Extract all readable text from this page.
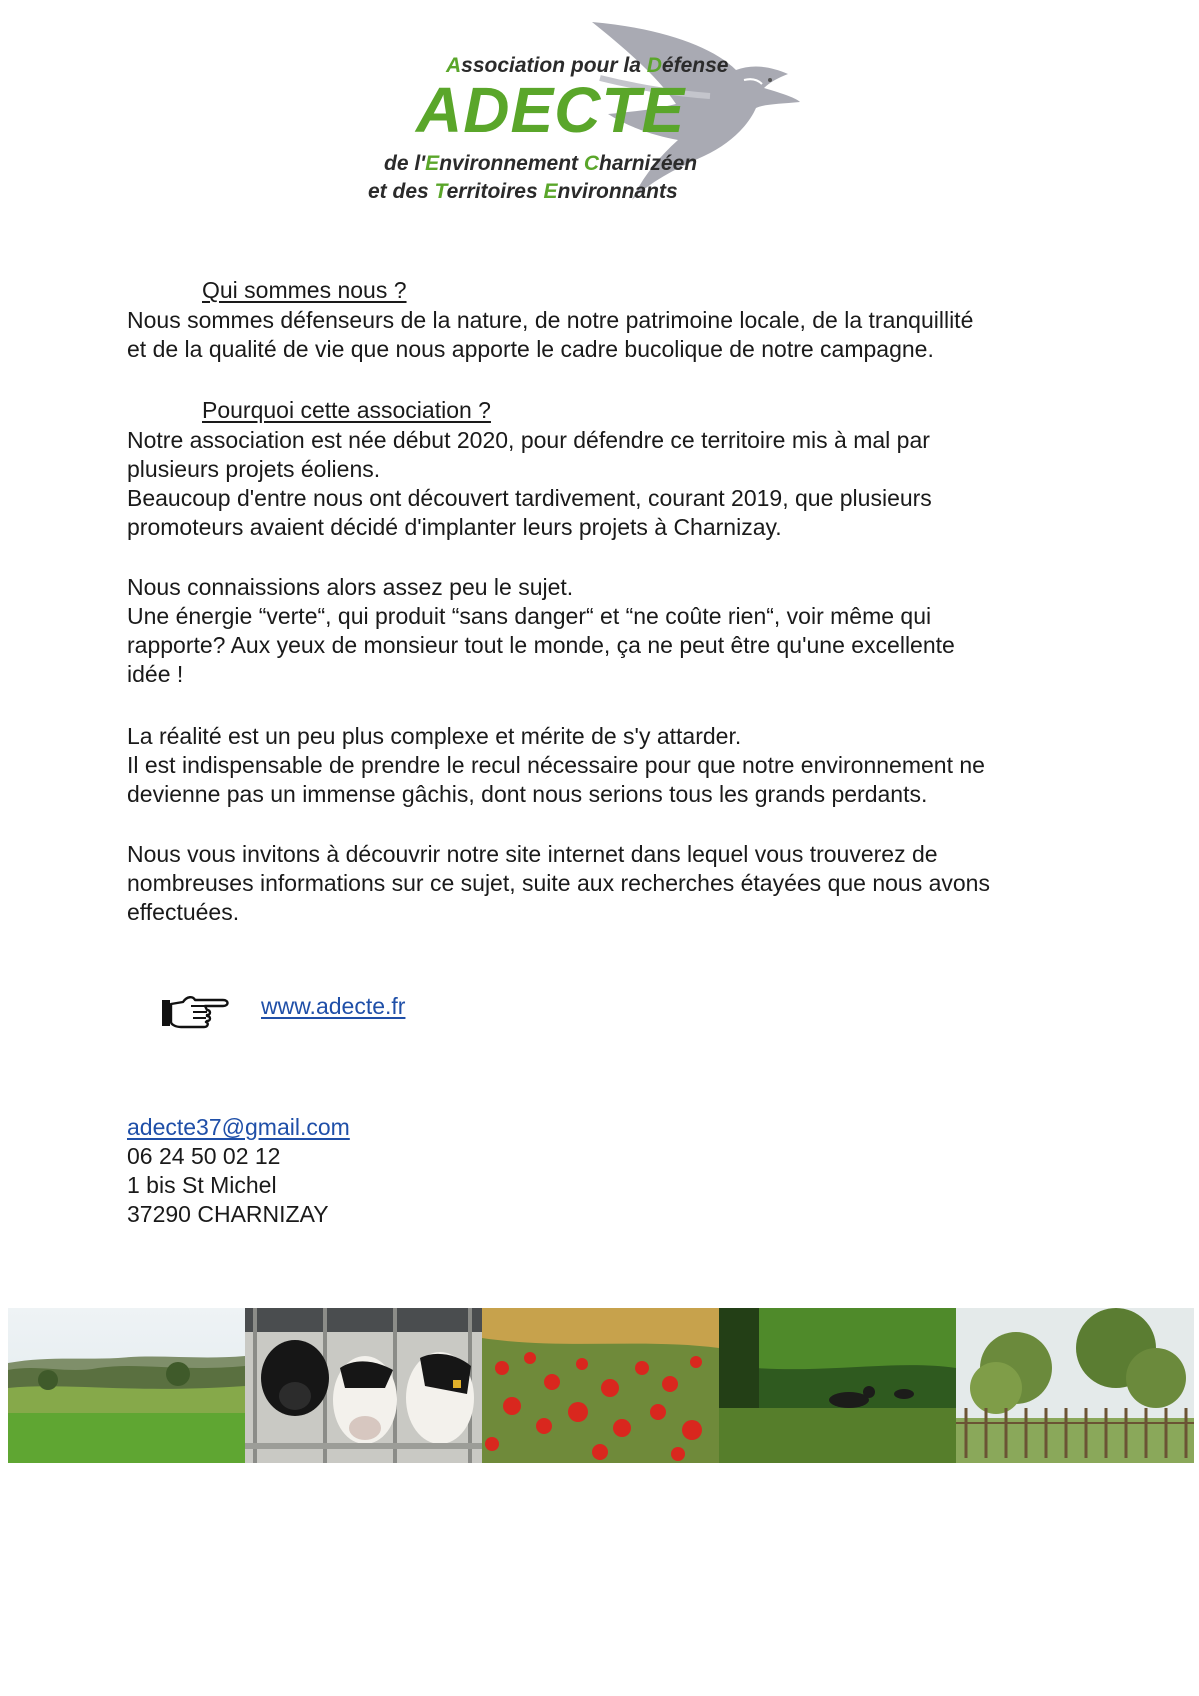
Association pour la Défense
ADECTE
de l'Environnement Charnizéen
et des Territoires Environnants
Qui sommes nous ?
Nous sommes défenseurs de la nature, de notre patrimoine locale, de la tranquillité
et de la qualité de vie que nous apporte le cadre bucolique de notre campagne.
Pourquoi cette association ?
Notre association est née début 2020, pour défendre ce territoire mis à mal par
plusieurs projets éoliens.
Beaucoup d'entre nous ont découvert tardivement, courant 2019, que plusieurs
promoteurs avaient décidé d'implanter leurs projets à Charnizay.
Nous connaissions alors assez peu le sujet.
Une énergie “verte“, qui produit “sans danger“ et “ne coûte rien“, voir même qui
rapporte? Aux yeux de monsieur tout le monde, ça ne peut être qu'une excellente
idée !
La réalité est un peu plus complexe et mérite de s'y attarder.
Il est indispensable de prendre le recul nécessaire pour que notre environnement ne
devienne pas un immense gâchis, dont nous serions tous les grands perdants.
Nous vous invitons à découvrir notre site internet dans lequel vous trouverez de
nombreuses informations sur ce sujet, suite aux recherches étayées que nous avons
effectuées.
www.adecte.fr
adecte37@gmail.com
06 24 50 02 12
1 bis St Michel
37290 CHARNIZAY
